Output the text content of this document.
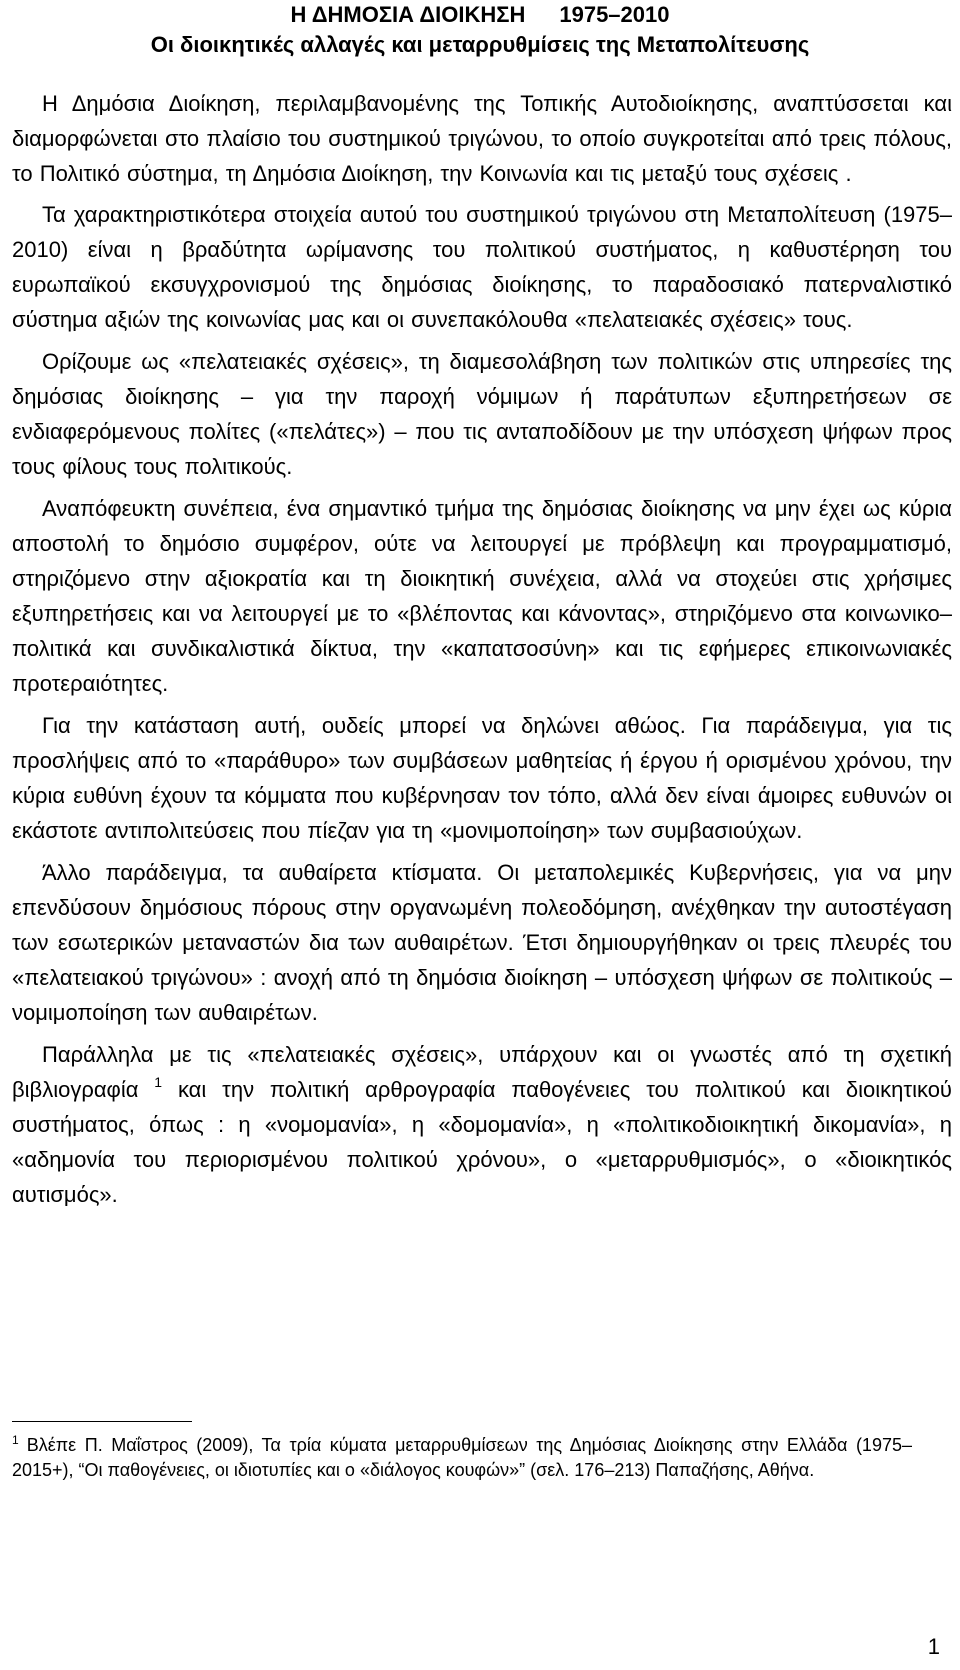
Η ΔΗΜΟΣΙΑ ΔΙΟΙΚΗΣΗ 1975–2010
Οι διοικητικές αλλαγές και μεταρρυθμίσεις της Μεταπολίτευσης

Η Δημόσια Διοίκηση, περιλαμβανομένης της Τοπικής Αυτοδιοίκησης, αναπτύσσεται και διαμορφώνεται στο πλαίσιο του συστημικού τριγώνου, το οποίο συγκροτείται από τρεις πόλους, το Πολιτικό σύστημα, τη Δημόσια Διοίκηση, την Κοινωνία και τις μεταξύ τους σχέσεις .

Τα χαρακτηριστικότερα στοιχεία αυτού του συστημικού τριγώνου στη Μεταπολίτευση (1975–2010) είναι η βραδύτητα ωρίμανσης του πολιτικού συστήματος, η καθυστέρηση του ευρωπαϊκού εκσυγχρονισμού της δημόσιας διοίκησης, το παραδοσιακό πατερναλιστικό σύστημα αξιών της κοινωνίας μας και οι συνεπακόλουθα «πελατειακές σχέσεις» τους.

Ορίζουμε ως «πελατειακές σχέσεις», τη διαμεσολάβηση των πολιτικών στις υπηρεσίες της δημόσιας διοίκησης – για την παροχή νόμιμων ή παράτυπων εξυπηρετήσεων σε ενδιαφερόμενους πολίτες («πελάτες») – που τις ανταποδίδουν με την υπόσχεση ψήφων προς τους φίλους τους πολιτικούς.

Αναπόφευκτη συνέπεια, ένα σημαντικό τμήμα της δημόσιας διοίκησης να μην έχει ως κύρια αποστολή το δημόσιο συμφέρον, ούτε να λειτουργεί με πρόβλεψη και προγραμματισμό, στηριζόμενο στην αξιοκρατία και τη διοικητική συνέχεια, αλλά να στοχεύει στις χρήσιμες εξυπηρετήσεις και να λειτουργεί με το «βλέποντας και κάνοντας», στηριζόμενο στα κοινωνικο–πολιτικά και συνδικαλιστικά δίκτυα, την «καπατσοσύνη» και τις εφήμερες επικοινωνιακές προτεραιότητες.

Για την κατάσταση αυτή, ουδείς μπορεί να δηλώνει αθώος. Για παράδειγμα, για τις προσλήψεις από το «παράθυρο» των συμβάσεων μαθητείας ή έργου ή ορισμένου χρόνου, την κύρια ευθύνη έχουν τα κόμματα που κυβέρνησαν τον τόπο, αλλά δεν είναι άμοιρες ευθυνών οι εκάστοτε αντιπολιτεύσεις που πίεζαν για τη «μονιμοποίηση» των συμβασιούχων.

Άλλο παράδειγμα, τα αυθαίρετα κτίσματα. Οι μεταπολεμικές Κυβερνήσεις, για να μην επενδύσουν δημόσιους πόρους στην οργανωμένη πολεοδόμηση, ανέχθηκαν την αυτοστέγαση των εσωτερικών μεταναστών δια των αυθαιρέτων. Έτσι δημιουργήθηκαν οι τρεις πλευρές του «πελατειακού τριγώνου» : ανοχή από τη δημόσια διοίκηση – υπόσχεση ψήφων σε πολιτικούς – νομιμοποίηση των αυθαιρέτων.

Παράλληλα με τις «πελατειακές σχέσεις», υπάρχουν και οι γνωστές από τη σχετική βιβλιογραφία $^1$ και την πολιτική αρθρογραφία παθογένειες του πολιτικού και διοικητικού συστήματος, όπως : η «νομομανία», η «δομομανία», η «πολιτικοδιοικητική δικομανία», η «αδημονία του περιορισμένου πολιτικού χρόνου», ο «μεταρρυθμισμός», ο «διοικητικός αυτισμός».

$^1$ Βλέπε Π. Μαΐστρος (2009), Τα τρία κύματα μεταρρυθμίσεων της Δημόσιας Διοίκησης στην Ελλάδα (1975–2015+), “Οι παθογένειες, οι ιδιοτυπίες και ο «διάλογος κουφών»” (σελ. 176–213) Παπαζήσης, Αθήνα.
1
